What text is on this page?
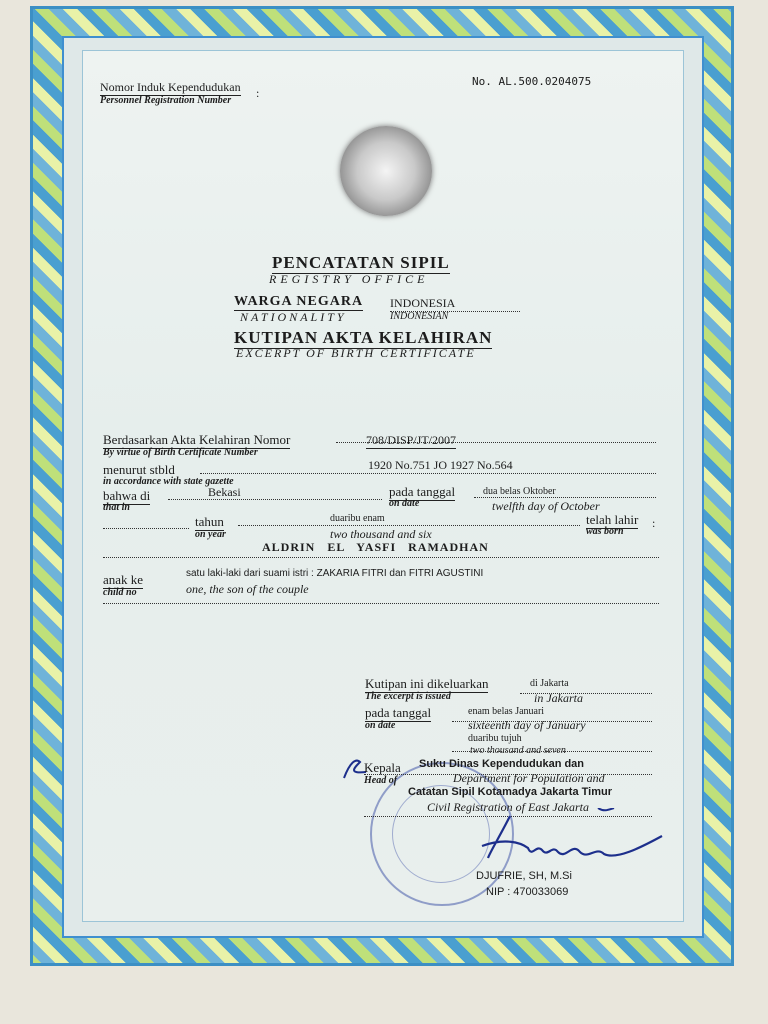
Nomor Induk Kependudukan :
Personnel Registration Number
No. AL.500.0204075
PENCATATAN SIPIL
REGISTRY OFFICE
WARGA NEGARA
NATIONALITY
INDONESIA
INDONESIAN
KUTIPAN AKTA KELAHIRAN
EXCERPT OF BIRTH CERTIFICATE
Berdasarkan Akta Kelahiran Nomor
By virtue of Birth Certificate Number
708/DISP/JT/2007
menurut stbld
in accordance with state gazette
1920 No.751 JO 1927 No.564
bahwa di
that in
Bekasi	pada tanggal
on date
dua belas Oktober
twelfth day of October
tahun
on year
duaribu enam
two thousand and six
telah lahir
was born
:
ALDRIN   EL   YASFI   RAMADHAN
anak ke
child no
satu laki-laki dari suami istri : ZAKARIA FITRI dan FITRI AGUSTINI
one, the son of the couple
Kutipan ini dikeluarkan
The excerpt is issued
di Jakarta
in Jakarta
pada tanggal
on date
enam belas Januari
sixteenth day of January
duaribu tujuh
two thousand and seven
Kepala
Head of
Suku Dinas Kependudukan dan
Department for Population and
Catatan Sipil Kotamadya Jakarta Timur
Civil Registration of East Jakarta
DJUFRIE, SH, M.Si
NIP : 470033069
